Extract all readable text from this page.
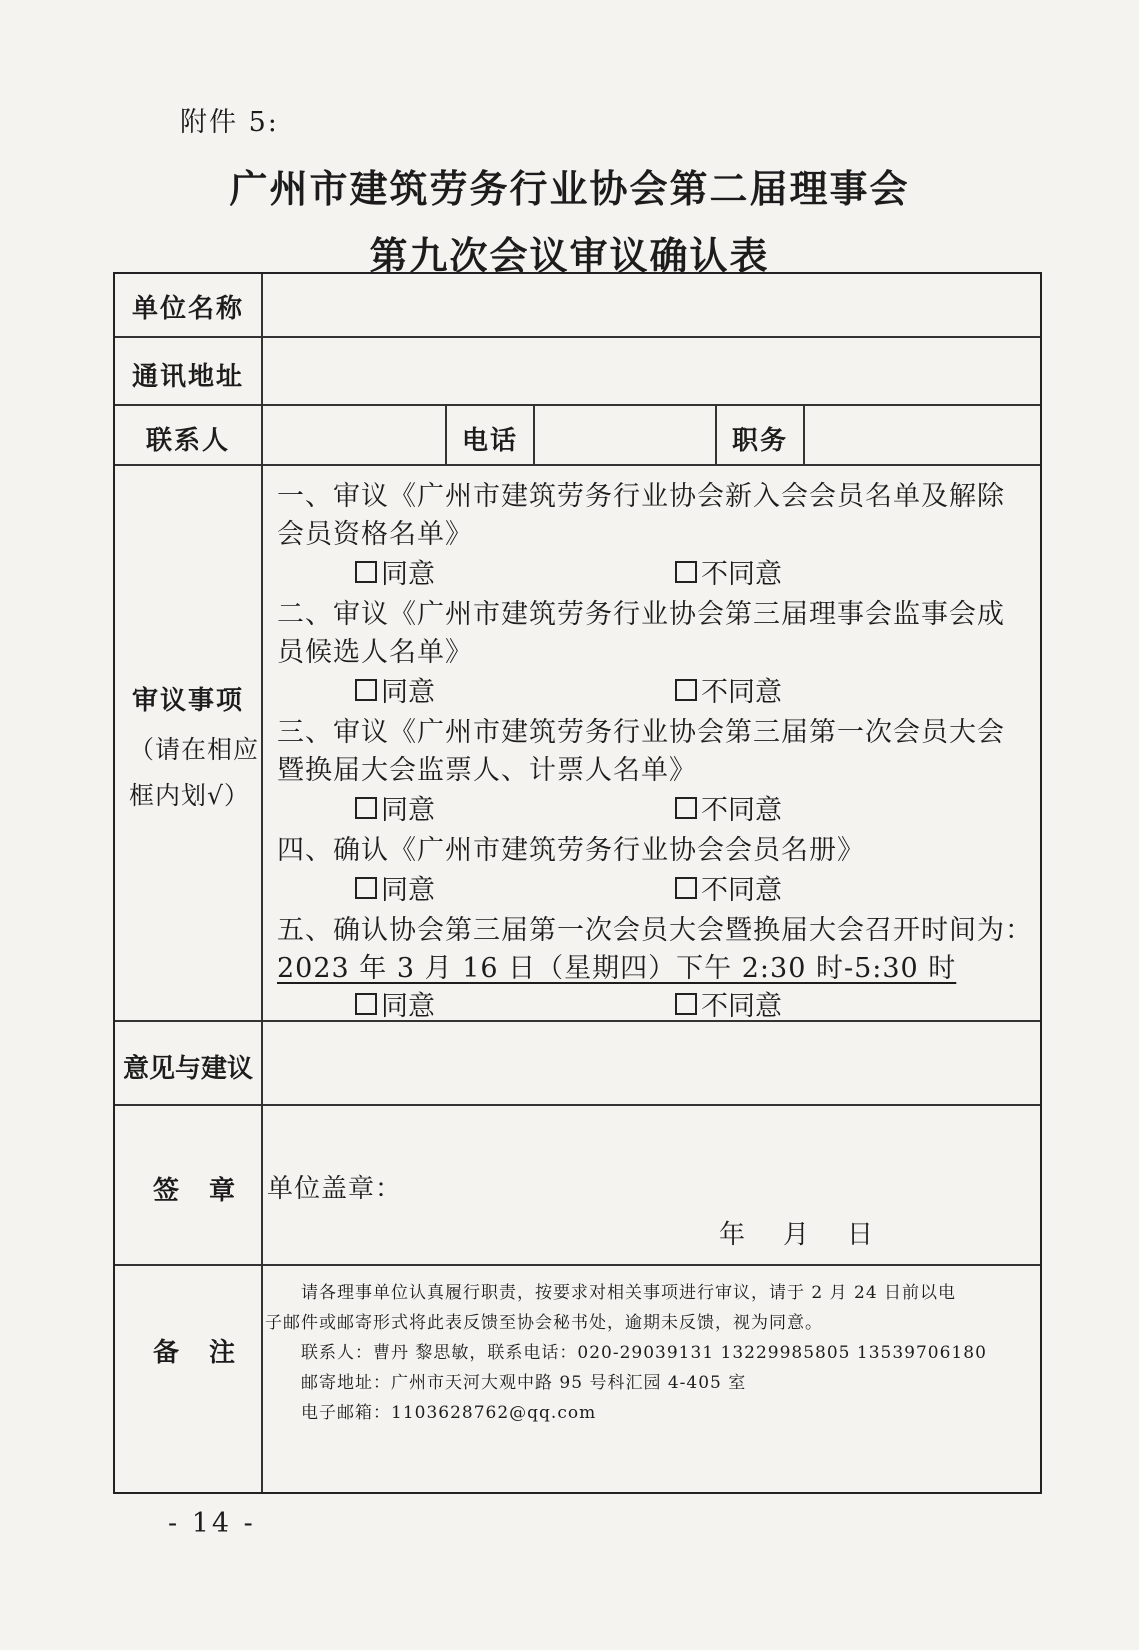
附件 5:
广州市建筑劳务行业协会第二届理事会
第九次会议审议确认表
单位名称
通讯地址
联系人	电话	职务
审议事项
（请在相应
框内划√）
一、审议《广州市建筑劳务行业协会新入会会员名单及解除
会员资格名单》
同意	不同意
二、审议《广州市建筑劳务行业协会第三届理事会监事会成
员候选人名单》
同意	不同意
三、审议《广州市建筑劳务行业协会第三届第一次会员大会
暨换届大会监票人、计票人名单》
同意	不同意
四、确认《广州市建筑劳务行业协会会员名册》
同意	不同意
五、确认协会第三届第一次会员大会暨换届大会召开时间为：
2023 年 3 月 16 日（星期四）下午 2:30 时-5:30 时
同意	不同意
意见与建议
签章 单位盖章：
年 月 日
备注
请各理事单位认真履行职责，按要求对相关事项进行审议，请于 2 月 24 日前以电
子邮件或邮寄形式将此表反馈至协会秘书处，逾期未反馈，视为同意。
联系人：曹丹 黎思敏，联系电话：020-29039131 13229985805 13539706180
邮寄地址：广州市天河大观中路 95 号科汇园 4-405 室
电子邮箱：1103628762@qq.com
- 14 -
